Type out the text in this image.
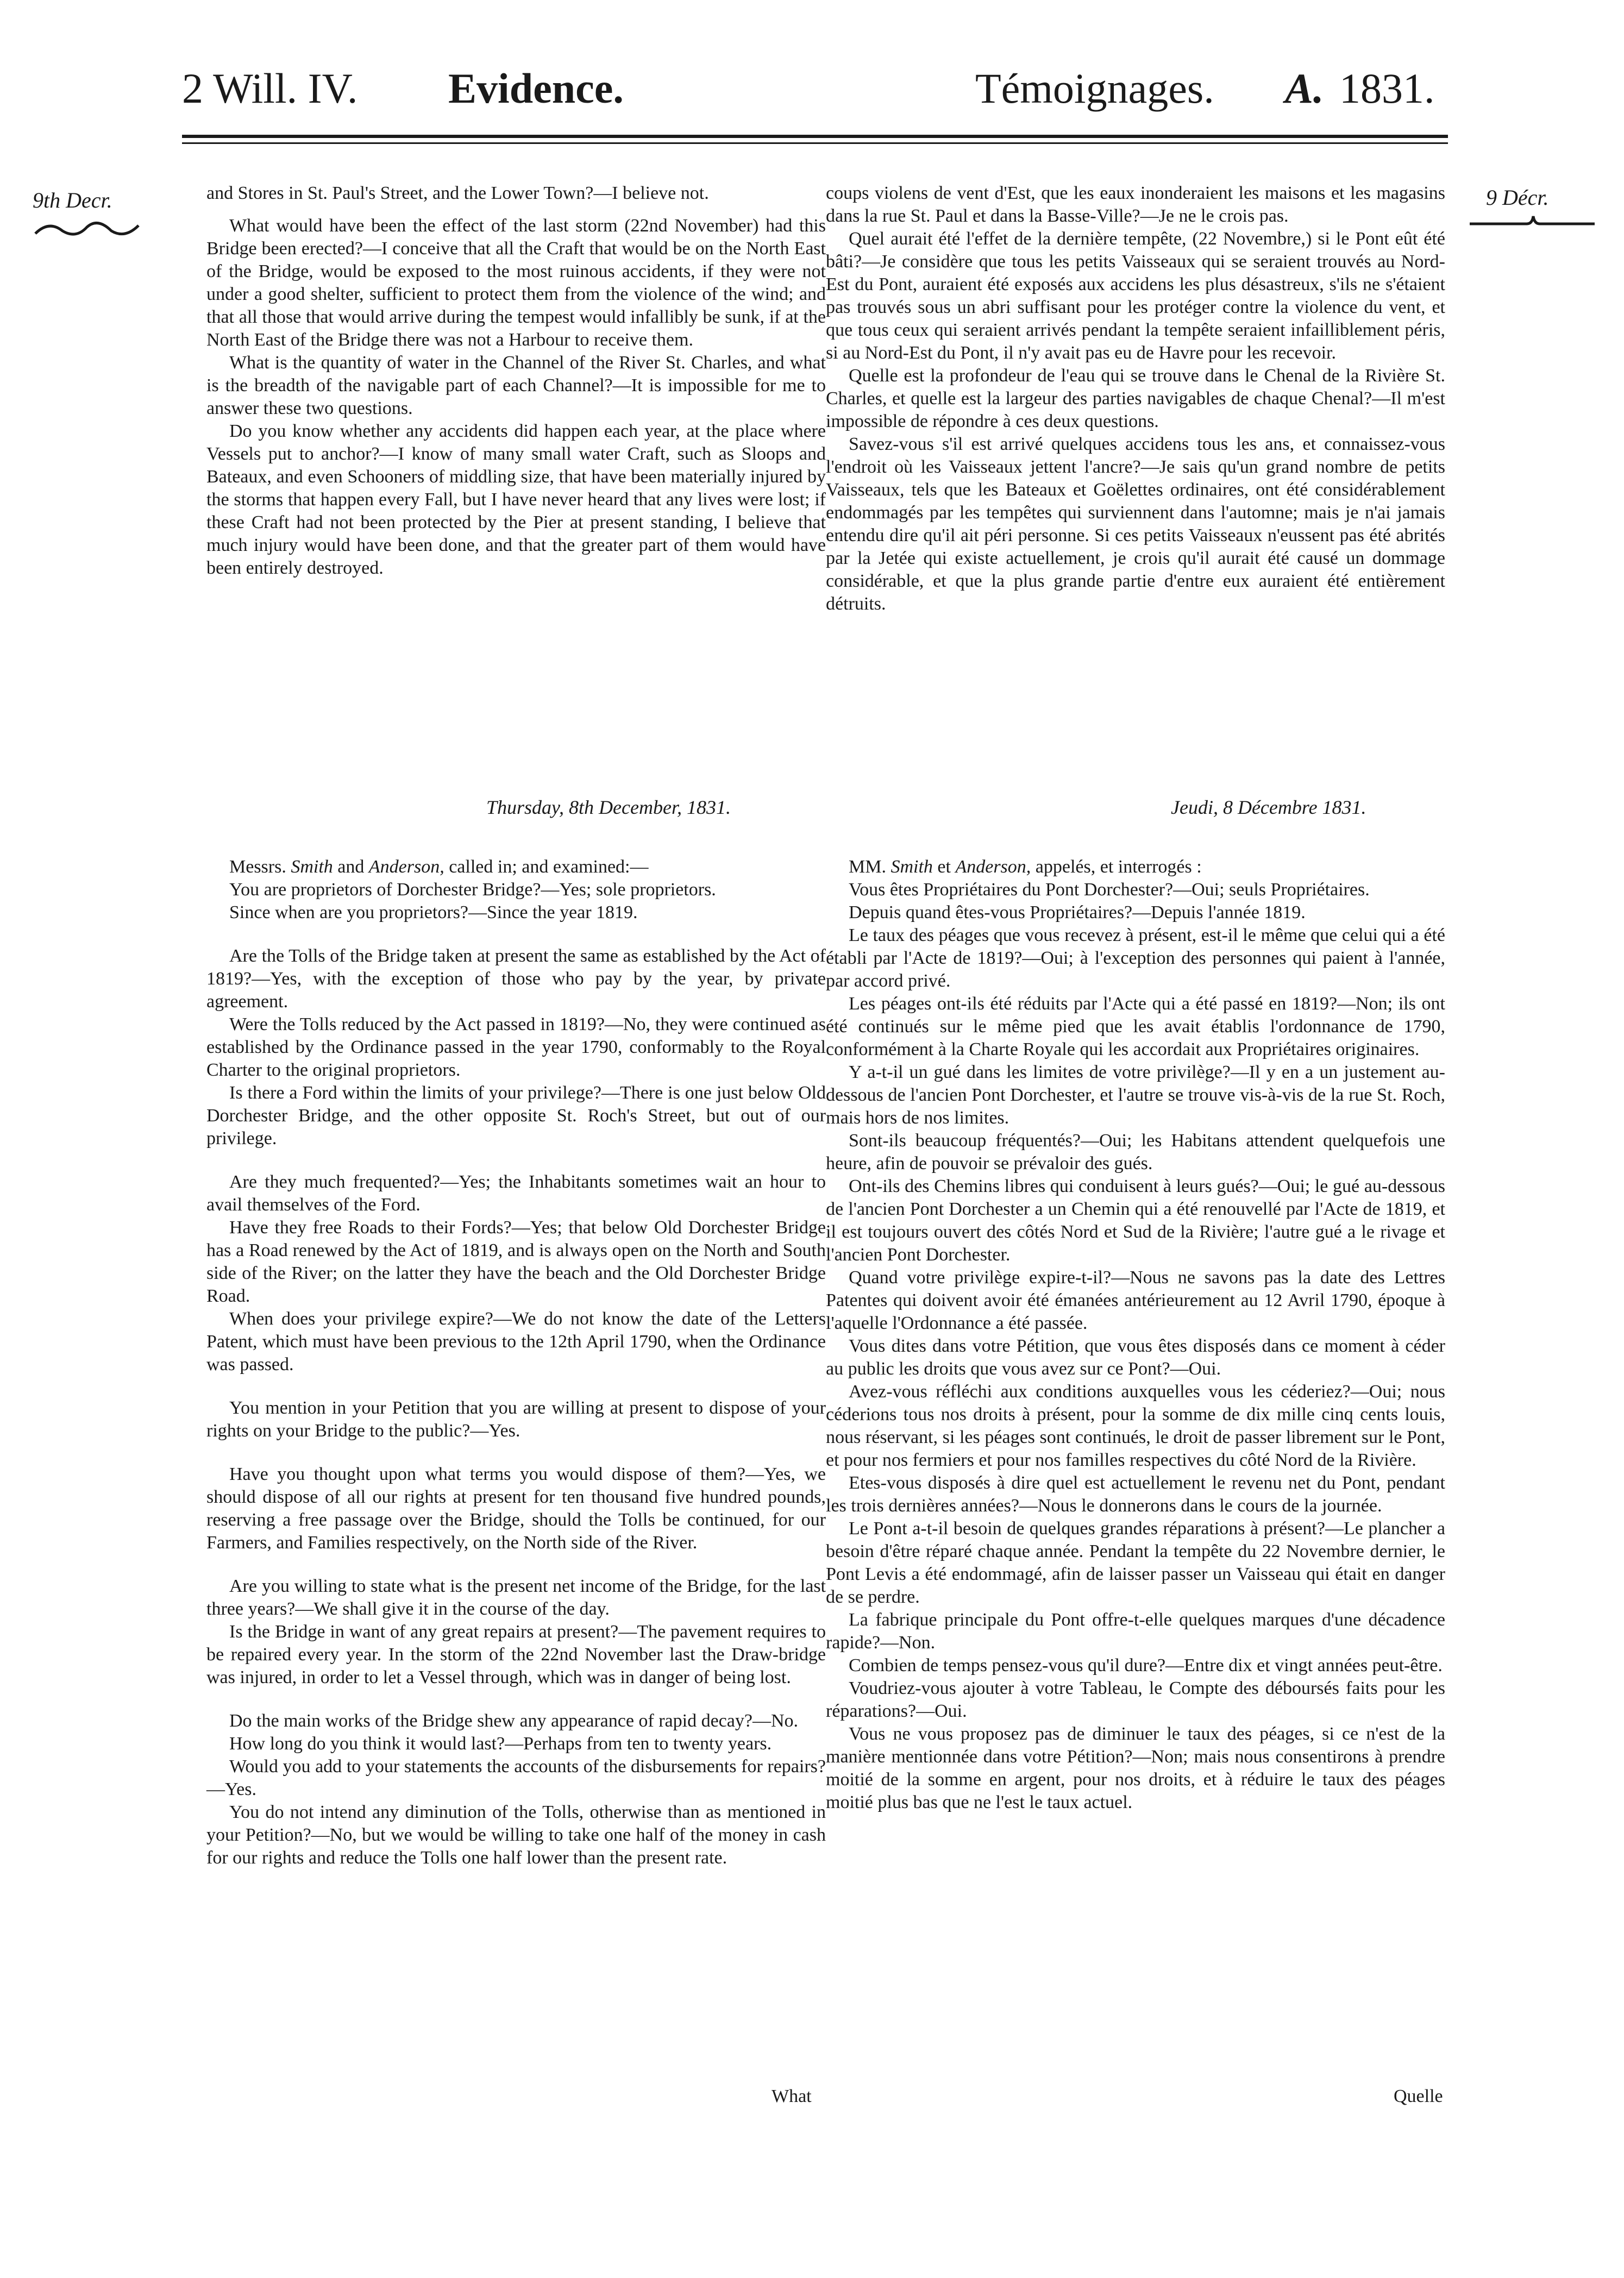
2 Will. IV. Evidence.	Témoignages. A. 1831.
9th Decr.	9 Décr.

and Stores in St. Paul's Street, and the Lower Town?—I believe not.

What would have been the effect of the last storm (22nd November) had this Bridge been erected?—I conceive that all the Craft that would be on the North East of the Bridge, would be exposed to the most ruinous accidents, if they were not under a good shelter, sufficient to protect them from the violence of the wind; and that all those that would arrive during the tempest would infallibly be sunk, if at the North East of the Bridge there was not a Harbour to receive them.

What is the quantity of water in the Channel of the River St. Charles, and what is the breadth of the navigable part of each Channel?—It is impossible for me to answer these two questions.

Do you know whether any accidents did happen each year, at the place where Vessels put to anchor?—I know of many small water Craft, such as Sloops and Bateaux, and even Schooners of middling size, that have been materially injured by the storms that happen every Fall, but I have never heard that any lives were lost; if these Craft had not been protected by the Pier at present standing, I believe that much injury would have been done, and that the greater part of them would have been entirely destroyed.

coups violens de vent d'Est, que les eaux inonderaient les maisons et les magasins dans la rue St. Paul et dans la Basse-Ville?—Je ne le crois pas.

Quel aurait été l'effet de la dernière tempête, (22 Novembre,) si le Pont eût été bâti?—Je considère que tous les petits Vaisseaux qui se seraient trouvés au Nord-Est du Pont, auraient été exposés aux accidens les plus désastreux, s'ils ne s'étaient pas trouvés sous un abri suffisant pour les protéger contre la violence du vent, et que tous ceux qui seraient arrivés pendant la tempête seraient infailliblement péris, si au Nord-Est du Pont, il n'y avait pas eu de Havre pour les recevoir.

Quelle est la profondeur de l'eau qui se trouve dans le Chenal de la Rivière St. Charles, et quelle est la largeur des parties navigables de chaque Chenal?—Il m'est impossible de répondre à ces deux questions.

Savez-vous s'il est arrivé quelques accidens tous les ans, et connaissez-vous l'endroit où les Vaisseaux jettent l'ancre?—Je sais qu'un grand nombre de petits Vaisseaux, tels que les Bateaux et Goëlettes ordinaires, ont été considérablement endommagés par les tempêtes qui surviennent dans l'automne; mais je n'ai jamais entendu dire qu'il ait péri personne. Si ces petits Vaisseaux n'eussent pas été abrités par la Jetée qui existe actuellement, je crois qu'il aurait été causé un dommage considérable, et que la plus grande partie d'entre eux auraient été entièrement détruits.

Thursday, 8th December, 1831.	Jeudi, 8 Décembre 1831.

Messrs. Smith and Anderson, called in; and examined:—

You are proprietors of Dorchester Bridge?—Yes; sole proprietors.

Since when are you proprietors?—Since the year 1819.

Are the Tolls of the Bridge taken at present the same as established by the Act of 1819?—Yes, with the exception of those who pay by the year, by private agreement.

Were the Tolls reduced by the Act passed in 1819?—No, they were continued as established by the Ordinance passed in the year 1790, conformably to the Royal Charter to the original proprietors.

Is there a Ford within the limits of your privilege?—There is one just below Old Dorchester Bridge, and the other opposite St. Roch's Street, but out of our privilege.

Are they much frequented?—Yes; the Inhabitants sometimes wait an hour to avail themselves of the Ford.

Have they free Roads to their Fords?—Yes; that below Old Dorchester Bridge has a Road renewed by the Act of 1819, and is always open on the North and South side of the River; on the latter they have the beach and the Old Dorchester Bridge Road.

When does your privilege expire?—We do not know the date of the Letters Patent, which must have been previous to the 12th April 1790, when the Ordinance was passed.

You mention in your Petition that you are willing at present to dispose of your rights on your Bridge to the public?—Yes.

Have you thought upon what terms you would dispose of them?—Yes, we should dispose of all our rights at present for ten thousand five hundred pounds, reserving a free passage over the Bridge, should the Tolls be continued, for our Farmers, and Families respectively, on the North side of the River.

Are you willing to state what is the present net income of the Bridge, for the last three years?—We shall give it in the course of the day.

Is the Bridge in want of any great repairs at present?—The pavement requires to be repaired every year. In the storm of the 22nd November last the Draw-bridge was injured, in order to let a Vessel through, which was in danger of being lost.

Do the main works of the Bridge shew any appearance of rapid decay?—No.

How long do you think it would last?—Perhaps from ten to twenty years.

Would you add to your statements the accounts of the disbursements for repairs?—Yes.

You do not intend any diminution of the Tolls, otherwise than as mentioned in your Petition?—No, but we would be willing to take one half of the money in cash for our rights and reduce the Tolls one half lower than the present rate.

MM. Smith et Anderson, appelés, et interrogés :

Vous êtes Propriétaires du Pont Dorchester?—Oui; seuls Propriétaires.

Depuis quand êtes-vous Propriétaires?—Depuis l'année 1819.

Le taux des péages que vous recevez à présent, est-il le même que celui qui a été établi par l'Acte de 1819?—Oui; à l'exception des personnes qui paient à l'année, par accord privé.

Les péages ont-ils été réduits par l'Acte qui a été passé en 1819?—Non; ils ont été continués sur le même pied que les avait établis l'ordonnance de 1790, conformément à la Charte Royale qui les accordait aux Propriétaires originaires.

Y a-t-il un gué dans les limites de votre privilège?—Il y en a un justement au-dessous de l'ancien Pont Dorchester, et l'autre se trouve vis-à-vis de la rue St. Roch, mais hors de nos limites.

Sont-ils beaucoup fréquentés?—Oui; les Habitans attendent quelquefois une heure, afin de pouvoir se prévaloir des gués.

Ont-ils des Chemins libres qui conduisent à leurs gués?—Oui; le gué au-dessous de l'ancien Pont Dorchester a un Chemin qui a été renouvellé par l'Acte de 1819, et il est toujours ouvert des côtés Nord et Sud de la Rivière; l'autre gué a le rivage et l'ancien Pont Dorchester.

Quand votre privilège expire-t-il?—Nous ne savons pas la date des Lettres Patentes qui doivent avoir été émanées antérieurement au 12 Avril 1790, époque à l'aquelle l'Ordonnance a été passée.

Vous dites dans votre Pétition, que vous êtes disposés dans ce moment à céder au public les droits que vous avez sur ce Pont?—Oui.

Avez-vous réfléchi aux conditions auxquelles vous les céderiez?—Oui; nous céderions tous nos droits à présent, pour la somme de dix mille cinq cents louis, nous réservant, si les péages sont continués, le droit de passer librement sur le Pont, et pour nos fermiers et pour nos familles respectives du côté Nord de la Rivière.

Etes-vous disposés à dire quel est actuellement le revenu net du Pont, pendant les trois dernières années?—Nous le donnerons dans le cours de la journée.

Le Pont a-t-il besoin de quelques grandes réparations à présent?—Le plancher a besoin d'être réparé chaque année. Pendant la tempête du 22 Novembre dernier, le Pont Levis a été endommagé, afin de laisser passer un Vaisseau qui était en danger de se perdre.

La fabrique principale du Pont offre-t-elle quelques marques d'une décadence rapide?—Non.

Combien de temps pensez-vous qu'il dure?—Entre dix et vingt années peut-être.

Voudriez-vous ajouter à votre Tableau, le Compte des déboursés faits pour les réparations?—Oui.

Vous ne vous proposez pas de diminuer le taux des péages, si ce n'est de la manière mentionnée dans votre Pétition?—Non; mais nous consentirons à prendre moitié de la somme en argent, pour nos droits, et à réduire le taux des péages moitié plus bas que ne l'est le taux actuel.

What	Quelle
